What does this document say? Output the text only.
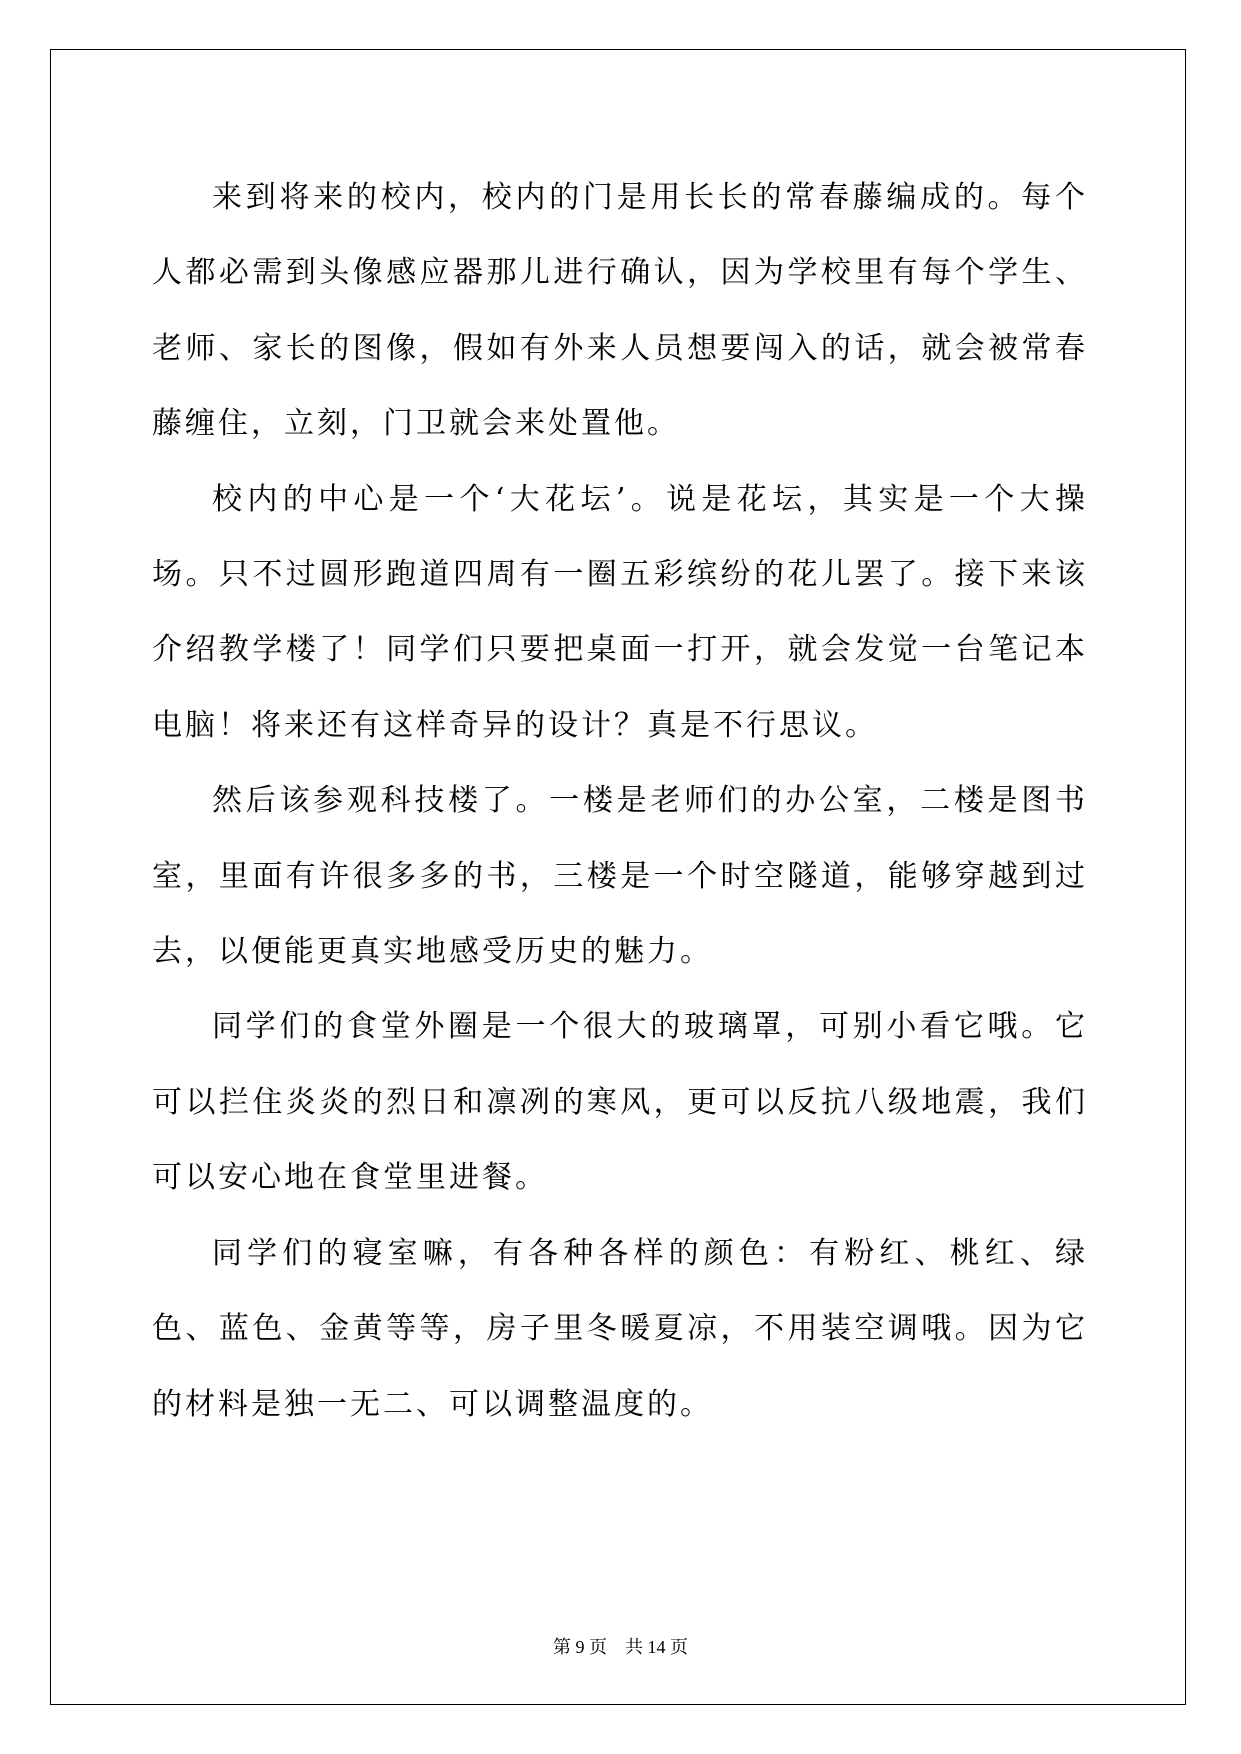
来到将来的校内，校内的门是用长长的常春藤编成的。每个人都必需到头像感应器那儿进行确认，因为学校里有每个学生、老师、家长的图像，假如有外来人员想要闯入的话，就会被常春藤缠住，立刻，门卫就会来处置他。

校内的中心是一个‘大花坛’。说是花坛，其实是一个大操场。只不过圆形跑道四周有一圈五彩缤纷的花儿罢了。接下来该介绍教学楼了！同学们只要把桌面一打开，就会发觉一台笔记本电脑！将来还有这样奇异的设计？真是不行思议。

然后该参观科技楼了。一楼是老师们的办公室，二楼是图书室，里面有许很多多的书，三楼是一个时空隧道，能够穿越到过去，以便能更真实地感受历史的魅力。

同学们的食堂外圈是一个很大的玻璃罩，可别小看它哦。它可以拦住炎炎的烈日和凛冽的寒风，更可以反抗八级地震，我们可以安心地在食堂里进餐。

同学们的寝室嘛，有各种各样的颜色：有粉红、桃红、绿色、蓝色、金黄等等，房子里冬暖夏凉，不用装空调哦。因为它的材料是独一无二、可以调整温度的。

第 9 页    共 14 页
